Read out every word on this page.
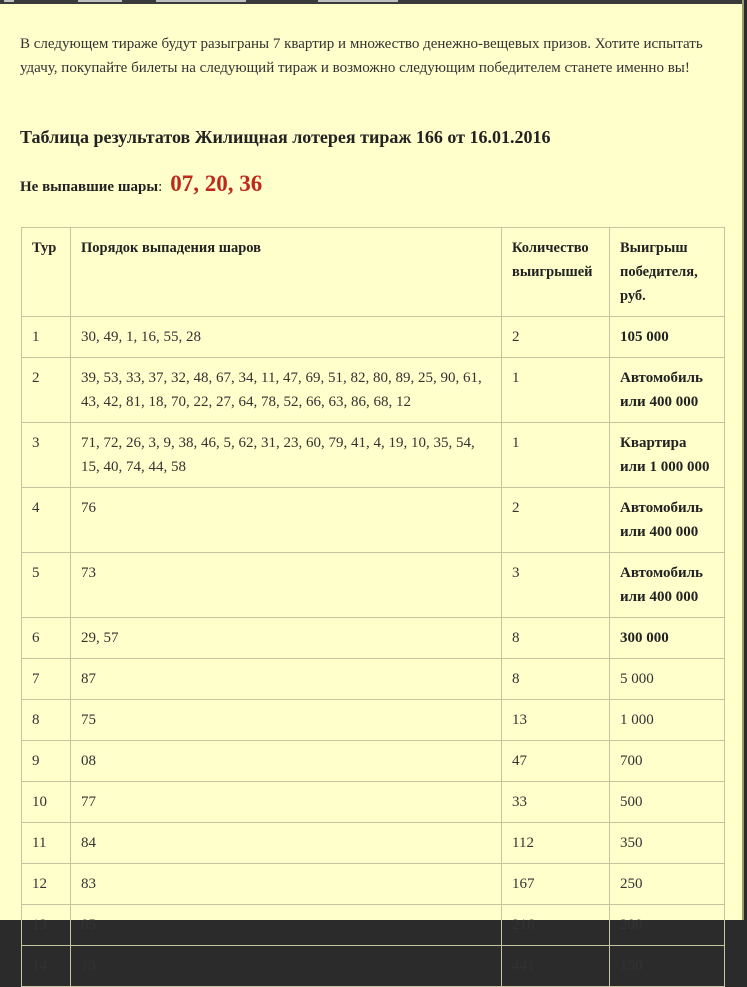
В следующем тираже будут разыграны 7 квартир и множество денежно-вещевых призов. Хотите испытать удачу, покупайте билеты на следующий тираж и возможно следующим победителем станете именно вы!
Таблица результатов Жилищная лотерея тираж 166 от 16.01.2016
Не выпавшие шары: 07, 20, 36
Тур	Порядок выпадения шаров	Количество выигрышей	Выигрыш победителя, руб.
1	30, 49, 1, 16, 55, 28	2	105 000
2	39, 53, 33, 37, 32, 48, 67, 34, 11, 47, 69, 51, 82, 80, 89, 25, 90, 61, 43, 42, 81, 18, 70, 22, 27, 64, 78, 52, 66, 63, 86, 68, 12	1	Автомобиль или 400 000
3	71, 72, 26, 3, 9, 38, 46, 5, 62, 31, 23, 60, 79, 41, 4, 19, 10, 35, 54, 15, 40, 74, 44, 58	1	Квартира или 1 000 000
4	76	2	Автомобиль или 400 000
5	73	3	Автомобиль или 400 000
6	29, 57	8	300 000
7	87	8	5 000
8	75	13	1 000
9	08	47	700
10	77	33	500
11	84	112	350
12	83	167	250
13	85	216	200
14	13	441	150
